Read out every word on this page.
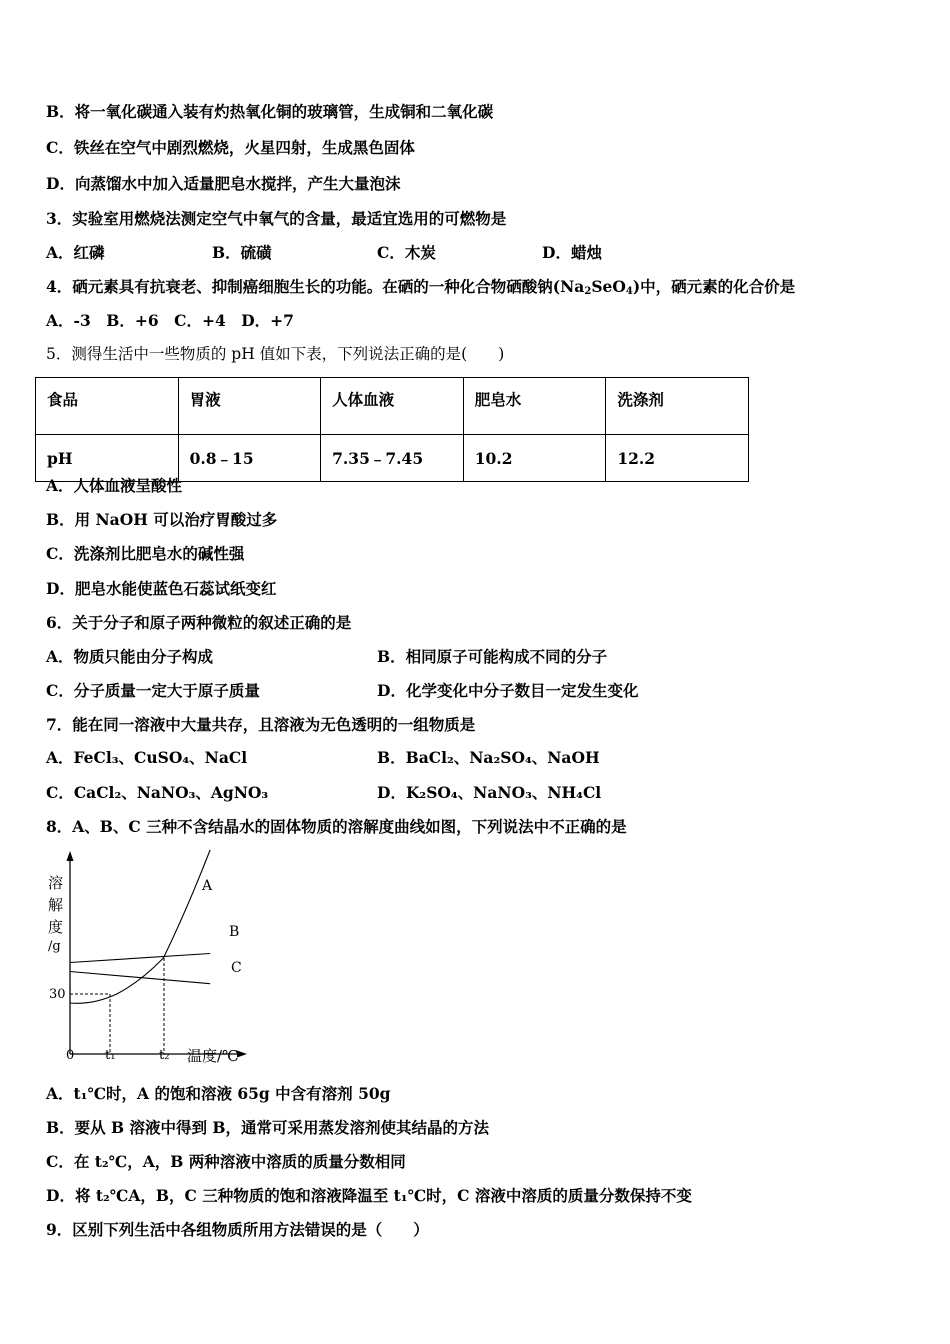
B．将一氧化碳通入装有灼热氧化铜的玻璃管，生成铜和二氧化碳
C．铁丝在空气中剧烈燃烧，火星四射，生成黑色固体
D．向蒸馏水中加入适量肥皂水搅拌，产生大量泡沫
3．实验室用燃烧法测定空气中氧气的含量，最适宜选用的可燃物是
A．红磷	B．硫磺	C．木炭	D．蜡烛
4．硒元素具有抗衰老、抑制癌细胞生长的功能。在硒的一种化合物硒酸钠$(Na_2SeO_4)$中，硒元素的化合价是
A．-3　B．+6　C．+4　D．+7
5．测得生活中一些物质的 pH 值如下表，下列说法正确的是(　　)
食品	胃液	人体血液	肥皂水	洗涤剂
pH	0.8﹣15	7.35﹣7.45	10.2	12.2
A．人体血液呈酸性
B．用 NaOH 可以治疗胃酸过多
C．洗涤剂比肥皂水的碱性强
D．肥皂水能使蓝色石蕊试纸变红
6．关于分子和原子两种微粒的叙述正确的是
A．物质只能由分子构成	B．相同原子可能构成不同的分子
C．分子质量一定大于原子质量	D．化学变化中分子数目一定发生变化
7．能在同一溶液中大量共存，且溶液为无色透明的一组物质是
A．FeCl₃、CuSO₄、NaCl	B．BaCl₂、Na₂SO₄、NaOH
C．CaCl₂、NaNO₃、AgNO₃	D．K₂SO₄、NaNO₃、NH₄Cl
8．A、B、C 三种不含结晶水的固体物质的溶解度曲线如图，下列说法中不正确的是
溶
解
度
/g
30
0 t₁	t₂ 温度/℃
A
B
C
A．t₁℃时，A 的饱和溶液 65g 中含有溶剂 50g
B．要从 B 溶液中得到 B，通常可采用蒸发溶剂使其结晶的方法
C．在 t₂℃，A，B 两种溶液中溶质的质量分数相同
D．将 t₂℃A，B，C 三种物质的饱和溶液降温至 t₁℃时，C 溶液中溶质的质量分数保持不变
9．区别下列生活中各组物质所用方法错误的是（　　）
